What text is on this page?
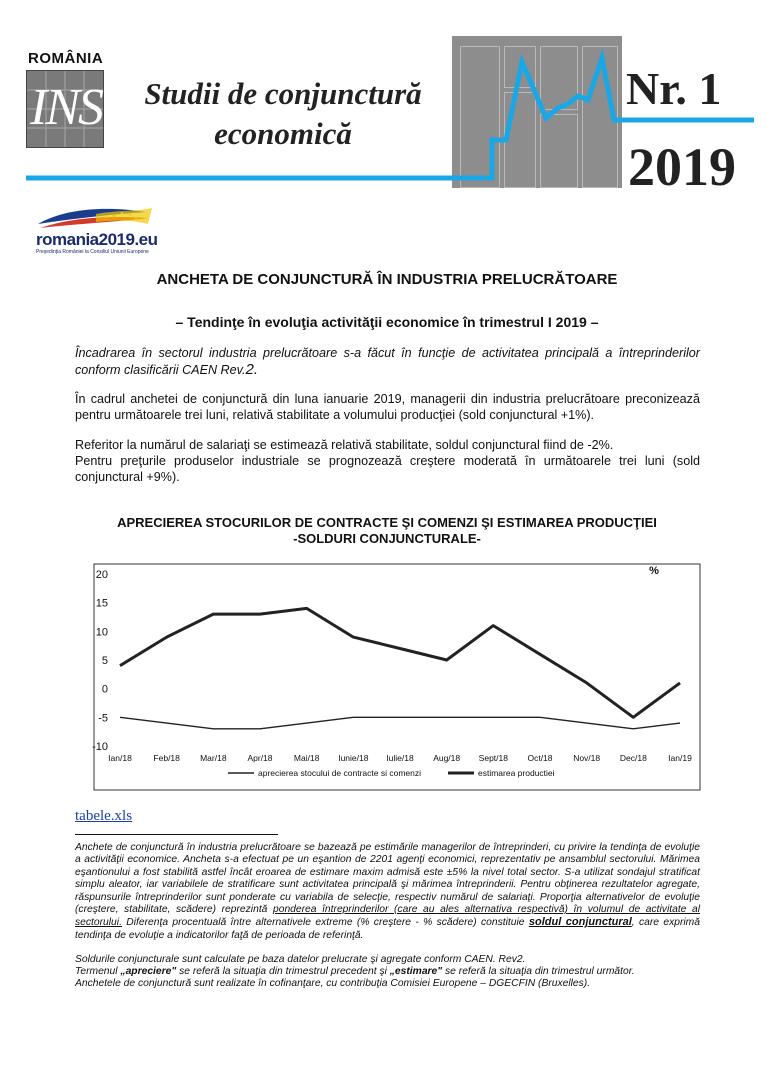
ROMÂNIA
INS	Studii de conjunctură economică
Nr. 1
2019
romania2019.eu
Preşedinţia României la Consiliul Uniunii Europene
ANCHETA DE CONJUNCTURĂ ÎN INDUSTRIA PRELUCRĂTOARE
– Tendinţe în evoluţia activităţii economice în trimestrul I 2019 –
Încadrarea în sectorul industria prelucrătoare s-a făcut în funcţie de activitatea principală a întreprinderilor conform clasificării CAEN Rev.2.
În cadrul anchetei de conjunctură din luna ianuarie 2019, managerii din industria prelucrătoare preconizează pentru următoarele trei luni, relativă stabilitate a volumului producţiei (sold conjunctural +1%).
Referitor la numărul de salariaţi se estimează relativă stabilitate, soldul conjunctural fiind de -2%.
Pentru preţurile produselor industriale se prognozează creştere moderată în următoarele trei luni (sold conjunctural +9%).
APRECIEREA STOCURILOR DE CONTRACTE ŞI COMENZI ŞI ESTIMAREA PRODUCŢIEI
-SOLDURI CONJUNCTURALE-
-10
-5
0
5
10
15
20	%
Ian/18	Feb/18 Mar/18 Apr/18	Mai/18 Iunie/18 Iulie/18 Aug/18 Sept/18 Oct/18 Nov/18 Dec/18	Ian/19
aprecierea stocului de contracte si comenzi	estimarea productiei
tabele.xls
Anchete de conjunctură în industria prelucrătoare se bazează pe estimările managerilor de întreprinderi, cu privire la tendinţa de evoluţie a activităţii economice. Ancheta s-a efectuat pe un eşantion de 2201 agenţi economici, reprezentativ pe ansamblul sectorului. Mărimea eşantionului a fost stabilită astfel încât eroarea de estimare maxim admisă este ±5% la nivel total sector. S-a utilizat sondajul stratificat simplu aleator, iar variabilele de stratificare sunt activitatea principală şi mărimea întreprinderii. Pentru obţinerea rezultatelor agregate, răspunsurile întreprinderilor sunt ponderate cu variabila de selecţie, respectiv numărul de salariaţi. Proporţia alternativelor de evoluţie (creştere, stabilitate, scădere) reprezintă ponderea întreprinderilor (care au ales alternativa respectivă) în volumul de activitate al sectorului. Diferenţa procentuală între alternativele extreme (% creştere - % scădere) constituie soldul conjunctural, care exprimă tendinţa de evoluţie a indicatorilor faţă de perioada de referinţă.
Soldurile conjuncturale sunt calculate pe baza datelor prelucrate şi agregate conform CAEN. Rev2.
Termenul „apreciere" se referă la situaţia din trimestrul precedent şi „estimare" se referă la situaţia din trimestrul următor.
Anchetele de conjunctură sunt realizate în cofinanţare, cu contribuţia Comisiei Europene – DGECFIN (Bruxelles).
